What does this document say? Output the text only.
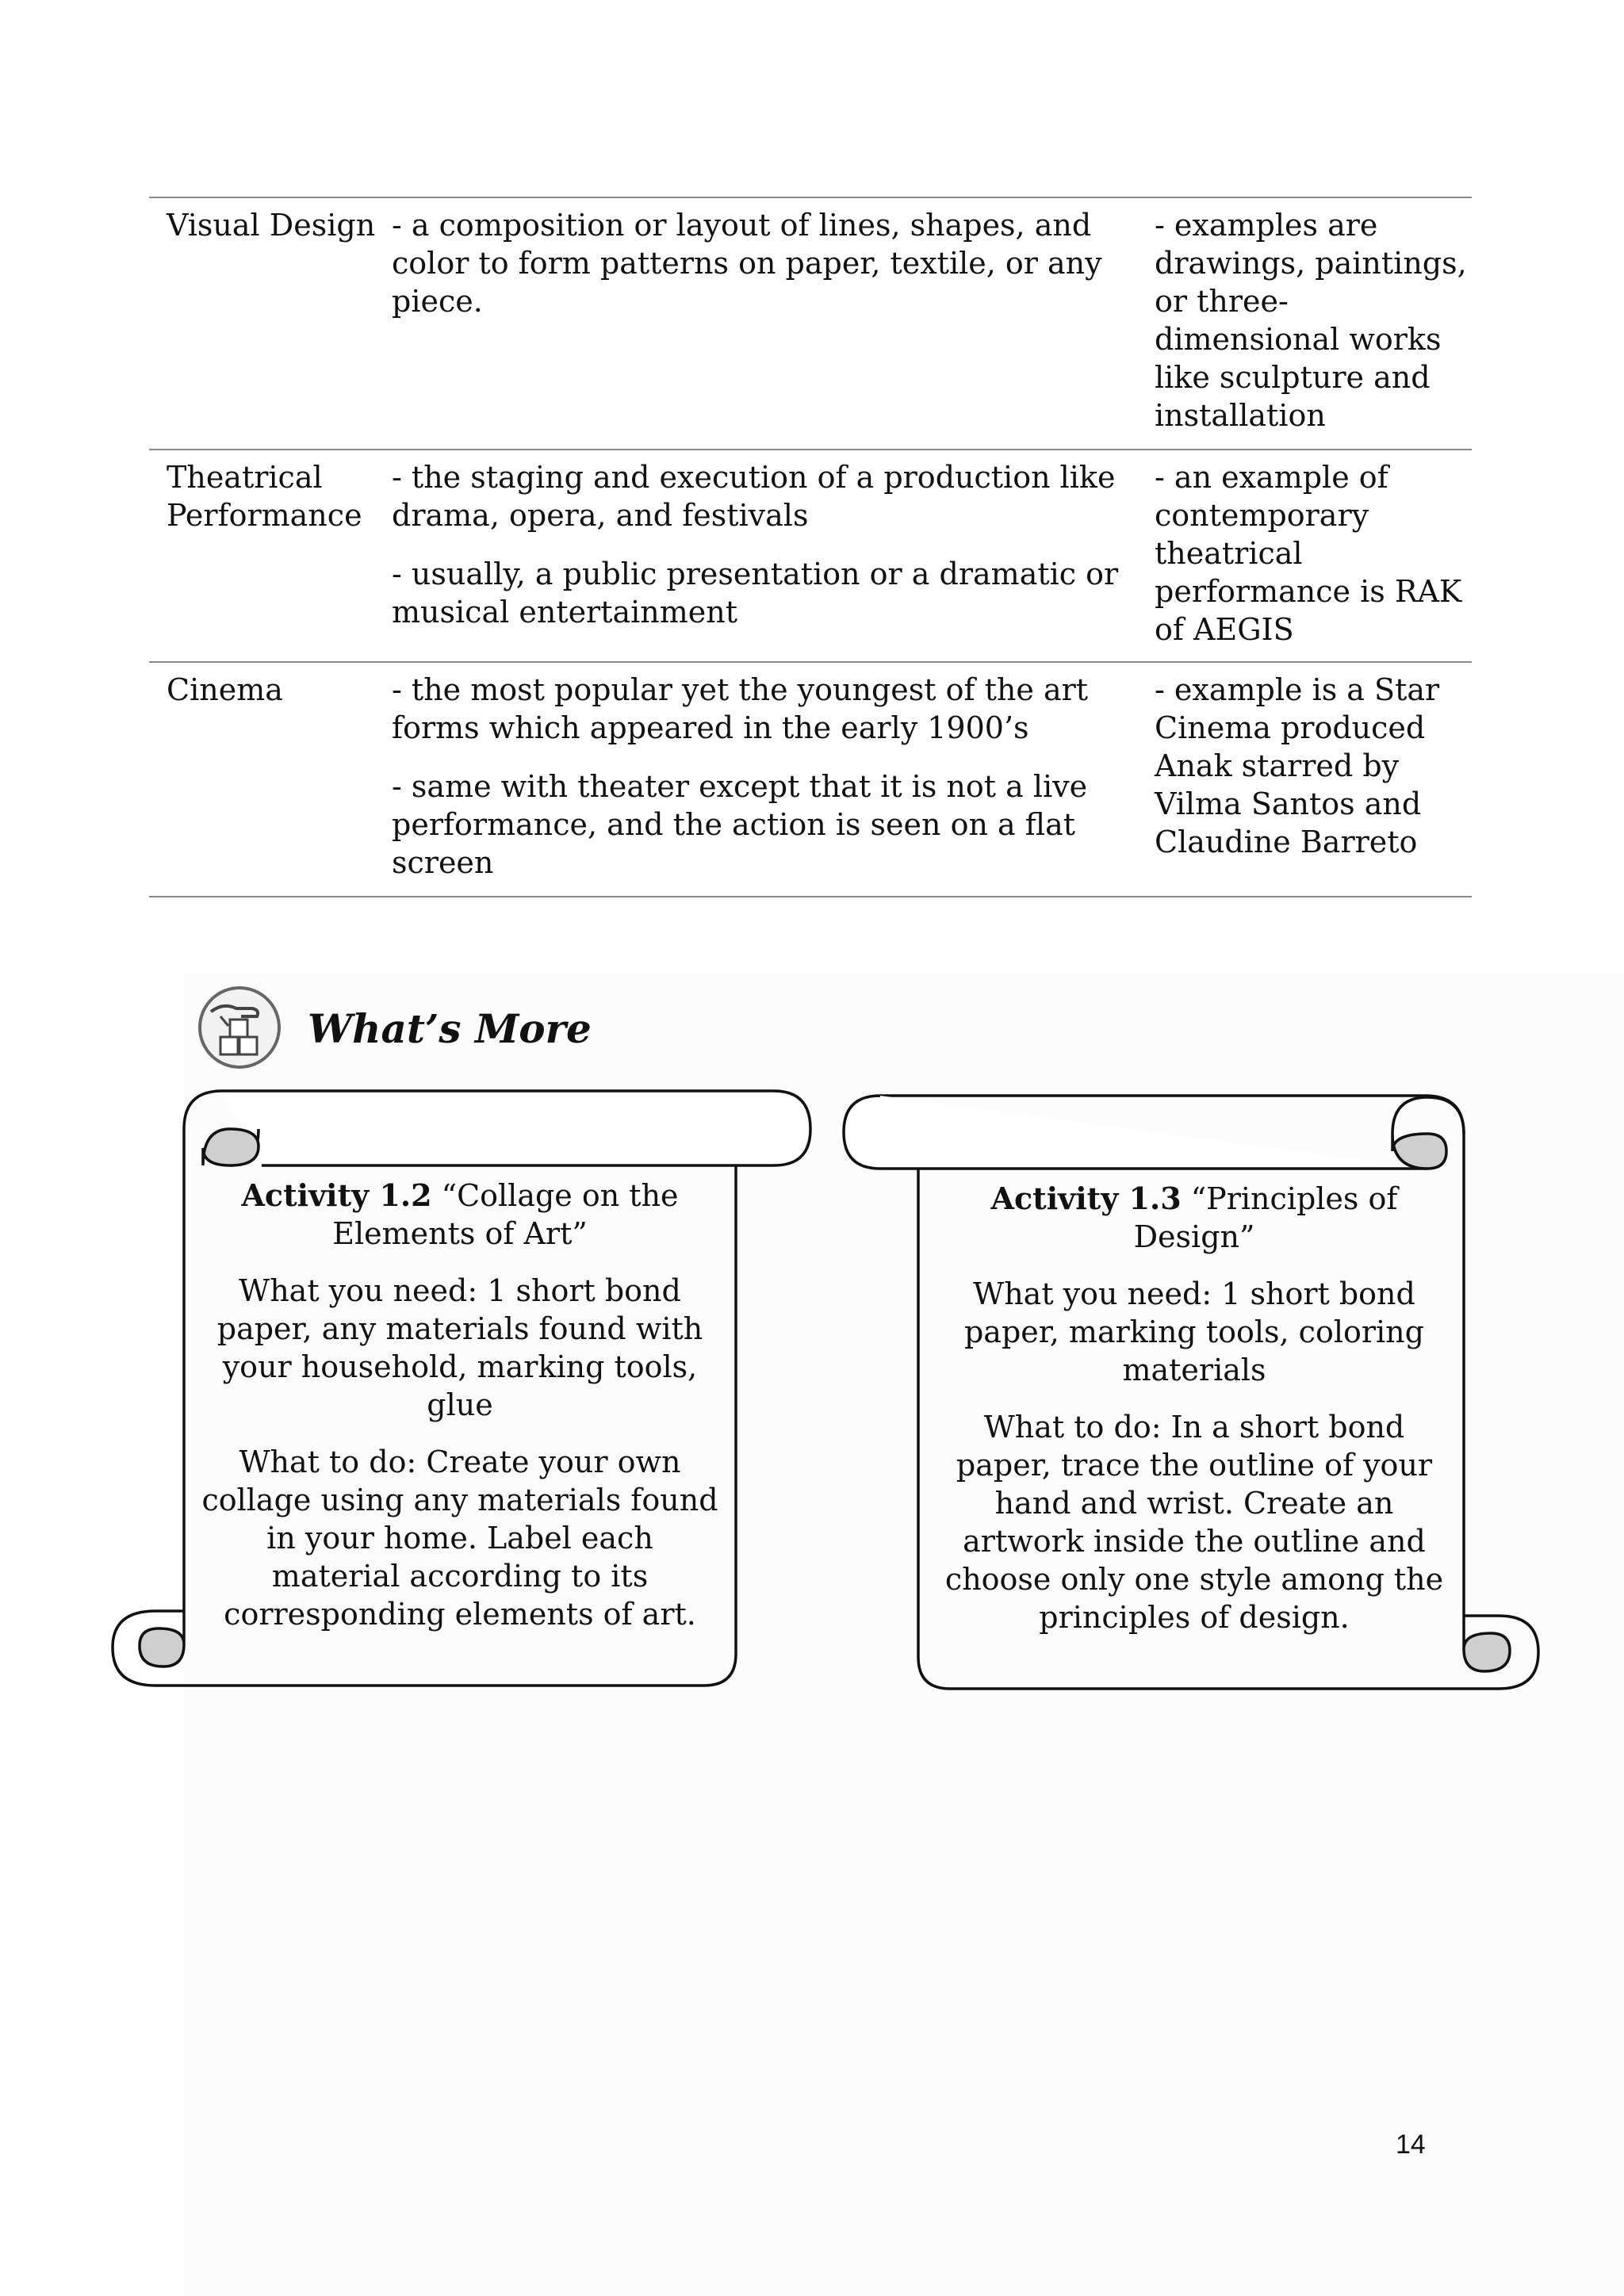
Visual Design - a composition or layout of lines, shapes, and color to form patterns on paper, textile, or any piece.

- examples are drawings, paintings, or three-dimensional works like sculpture and installation
Theatrical Performance

- the staging and execution of a production like drama, opera, and festivals

- usually, a public presentation or a dramatic or musical entertainment

- an example of contemporary theatrical performance is RAK of AEGIS
Cinema	- the most popular yet the youngest of the art forms which appeared in the early 1900’s

- same with theater except that it is not a live performance, and the action is seen on a flat screen

- example is a Star Cinema produced Anak starred by Vilma Santos and Claudine Barreto
What’s More

Activity 1.2 “Collage on the Elements of Art”

What you need: 1 short bond paper, any materials found with your household, marking tools, glue

What to do: Create your own collage using any materials found in your home. Label each material according to its corresponding elements of art.

Activity 1.3 “Principles of Design”

What you need: 1 short bond paper, marking tools, coloring materials

What to do: In a short bond paper, trace the outline of your hand and wrist. Create an artwork inside the outline and choose only one style among the principles of design.

14
